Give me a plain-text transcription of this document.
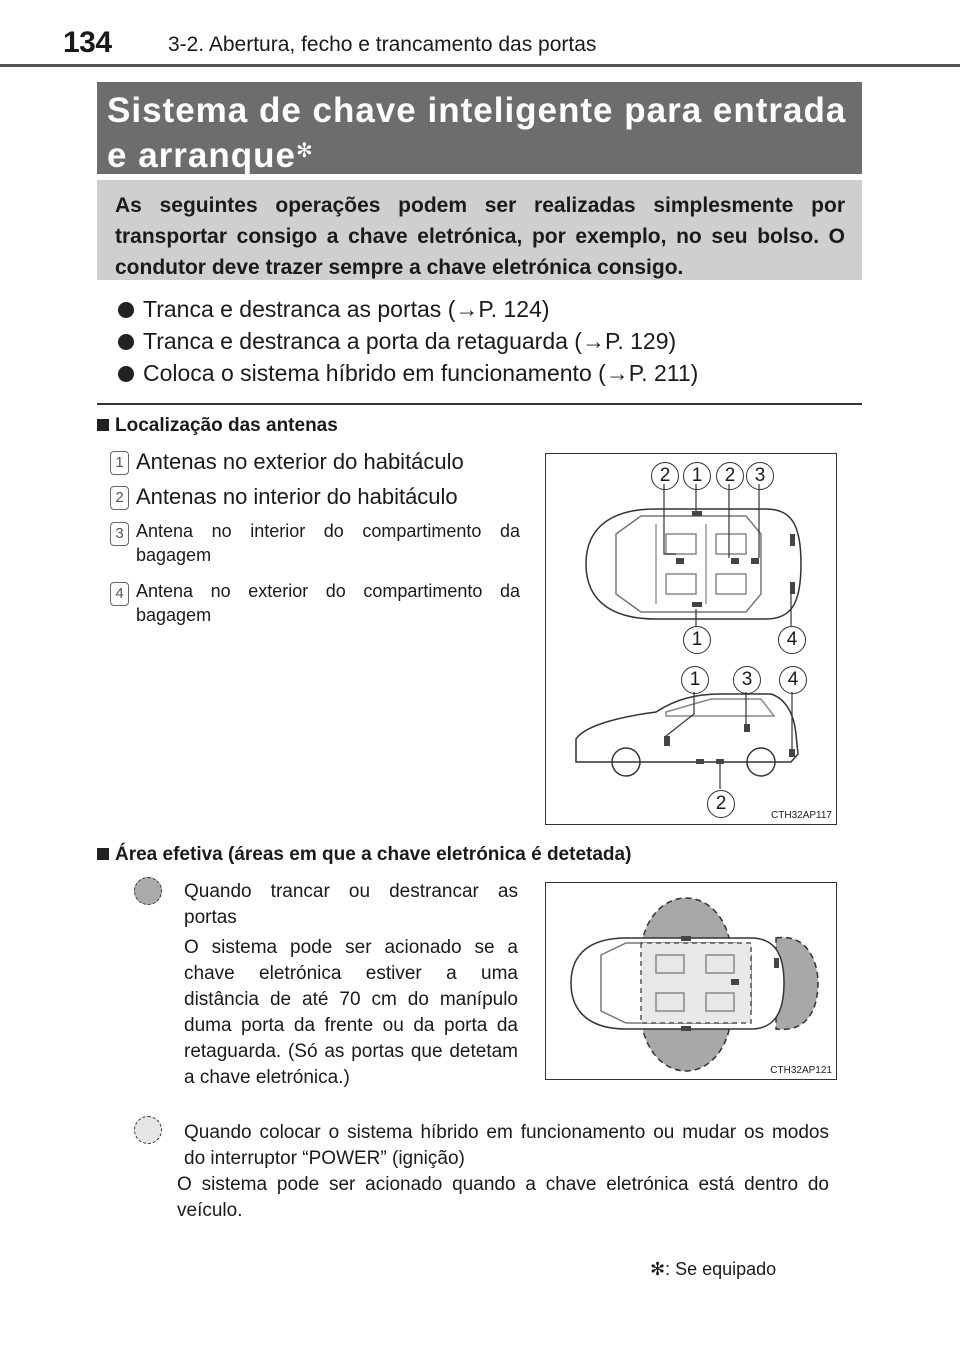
134	3-2. Abertura, fecho e trancamento das portas
Sistema de chave inteligente para entrada
e arranque✻
As seguintes operações podem ser realizadas simplesmente por transportar consigo a chave eletrónica, por exemplo, no seu bolso. O condutor deve trazer sempre a chave eletrónica consigo.
Tranca e destranca as portas (→P. 124)
Tranca e destranca a porta da retaguarda (→P. 129)
Coloca o sistema híbrido em funcionamento (→P. 211)
Localização das antenas
1 Antenas no exterior do habitáculo
2 Antenas no interior do habitáculo
3 Antena no interior do compartimento da bagagem
4 Antena no exterior do compartimento da bagagem
2	1	2	3
1	4
1	3	4
2
CTH32AP117
Área efetiva (áreas em que a chave eletrónica é detetada)
Quando trancar ou destrancar as portas
O sistema pode ser acionado se a chave eletrónica estiver a uma distância de até 70 cm do manípulo duma porta da frente ou da porta da retaguarda. (Só as portas que detetam a chave eletrónica.)	CTH32AP121
Quando colocar o sistema híbrido em funcionamento ou mudar os modos do interruptor “POWER” (ignição)
O sistema pode ser acionado quando a chave eletrónica está dentro do veículo.
✻: Se equipado
